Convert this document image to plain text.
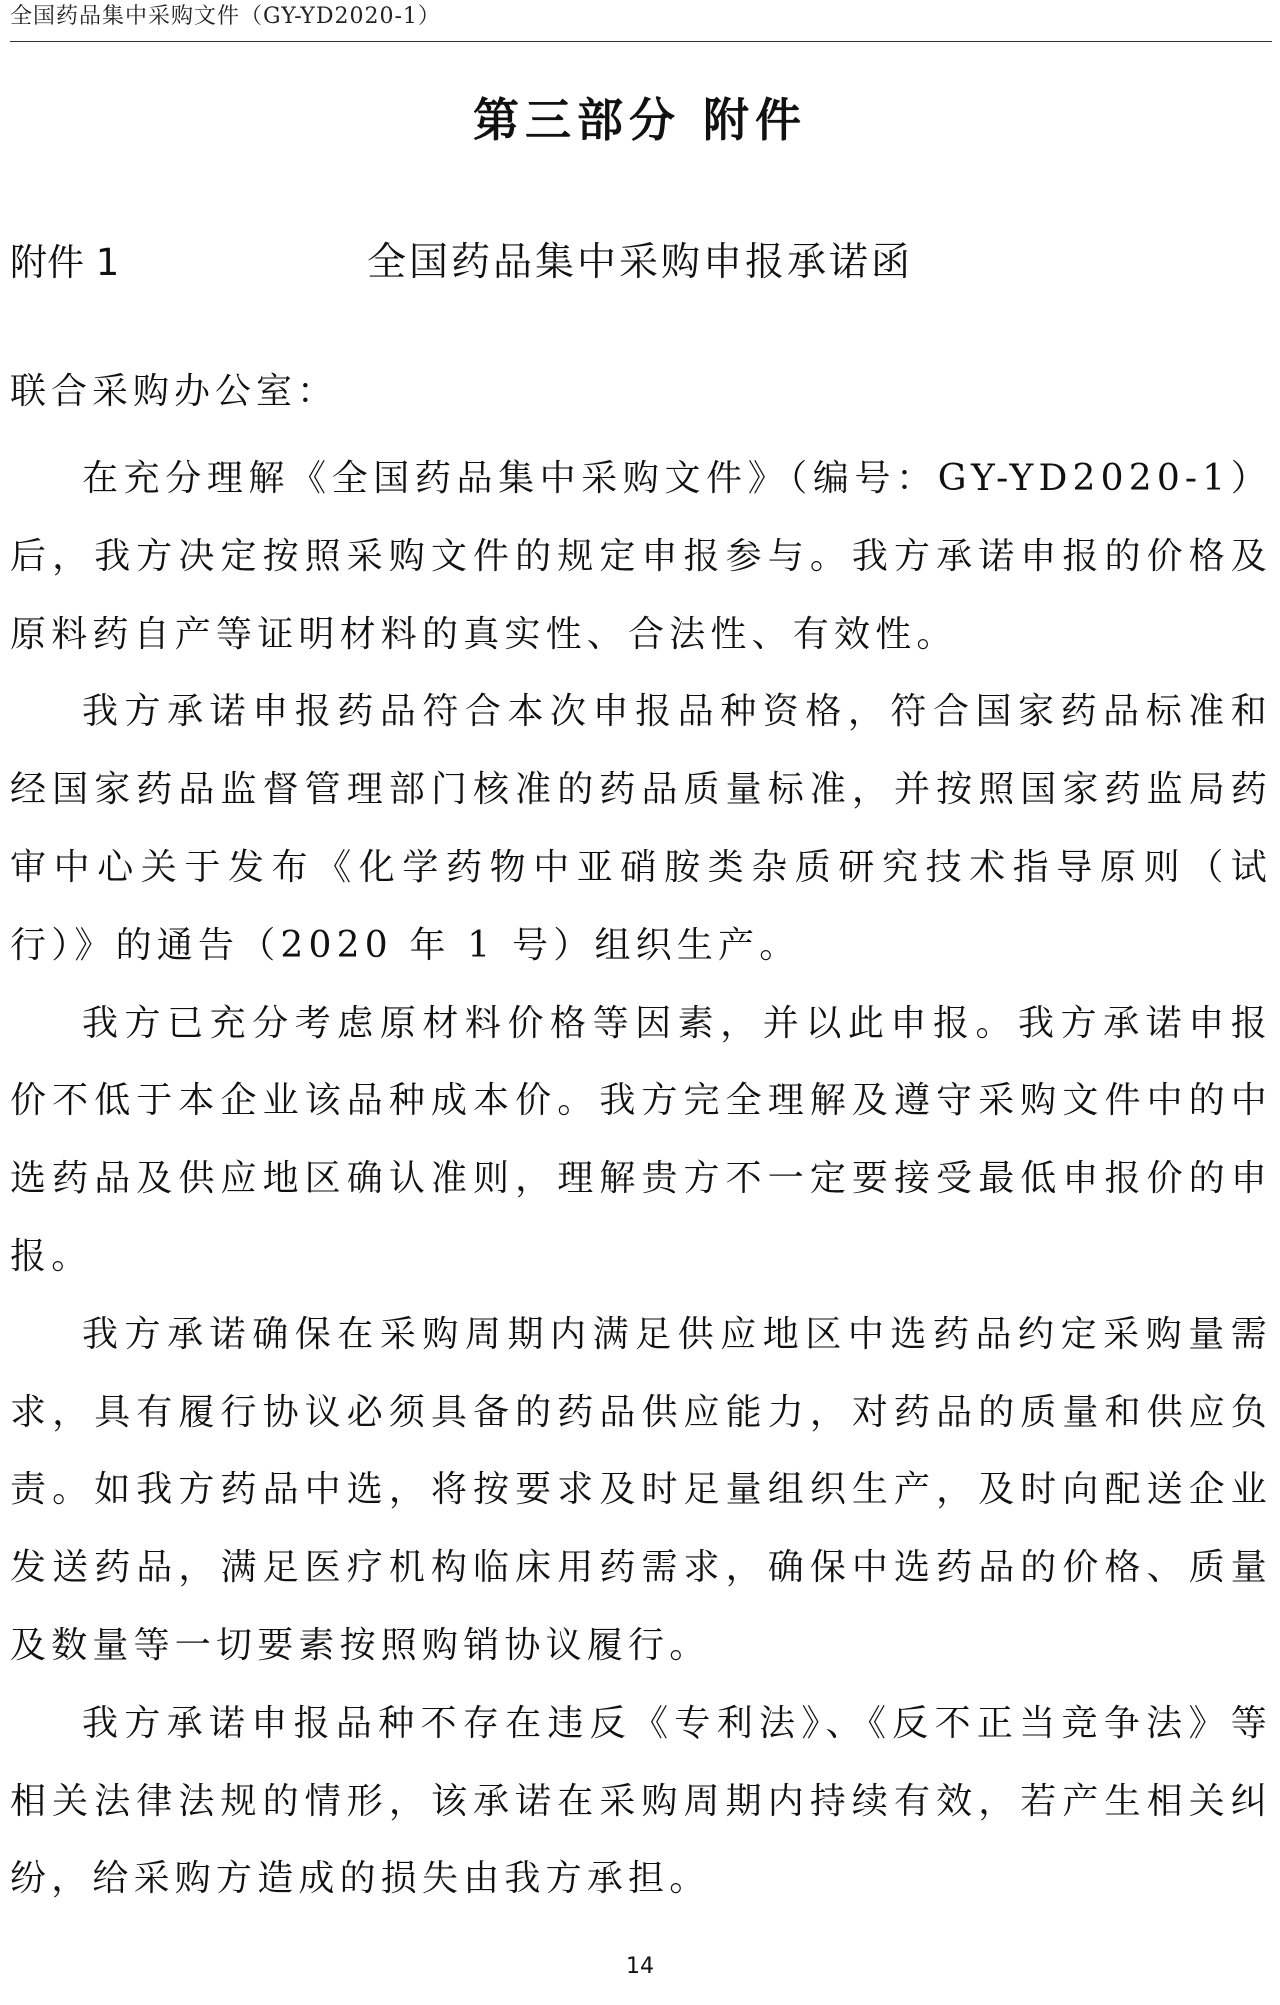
全国药品集中采购文件（GY-YD2020-1）
第三部分 附件
附件 1	全国药品集中采购申报承诺函
联合采购办公室：

在充分理解《全国药品集中采购文件》（编号：GY-YD2020-1）后，我方决定按照采购文件的规定申报参与。我方承诺申报的价格及原料药自产等证明材料的真实性、合法性、有效性。

我方承诺申报药品符合本次申报品种资格，符合国家药品标准和经国家药品监督管理部门核准的药品质量标准，并按照国家药监局药审中心关于发布《化学药物中亚硝胺类杂质研究技术指导原则（试行）》的通告（2020 年 1 号）组织生产。

我方已充分考虑原材料价格等因素，并以此申报。我方承诺申报价不低于本企业该品种成本价。我方完全理解及遵守采购文件中的中选药品及供应地区确认准则，理解贵方不一定要接受最低申报价的申报。

我方承诺确保在采购周期内满足供应地区中选药品约定采购量需求，具有履行协议必须具备的药品供应能力，对药品的质量和供应负责。如我方药品中选，将按要求及时足量组织生产，及时向配送企业发送药品，满足医疗机构临床用药需求，确保中选药品的价格、质量及数量等一切要素按照购销协议履行。

我方承诺申报品种不存在违反《专利法》、《反不正当竞争法》等相关法律法规的情形，该承诺在采购周期内持续有效，若产生相关纠纷，给采购方造成的损失由我方承担。

14
